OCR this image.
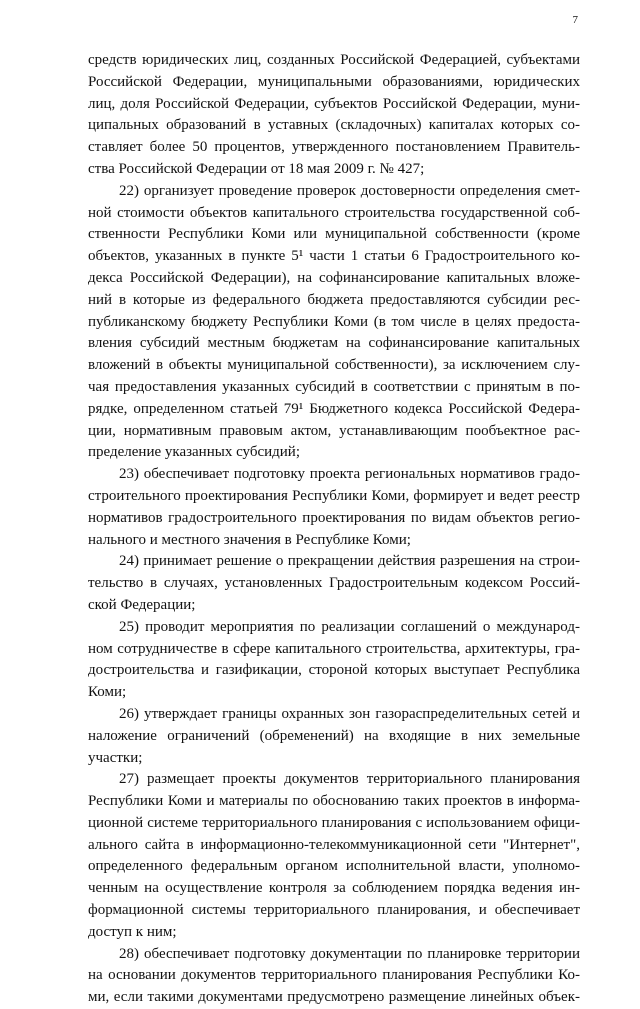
7
средств юридических лиц, созданных Российской Федерацией, субъектами
Российской Федерации, муниципальными образованиями, юридических
лиц, доля Российской Федерации, субъектов Российской Федерации, муни-
ципальных образований в уставных (складочных) капиталах которых со-
ставляет более 50 процентов, утвержденного постановлением Правитель-
ства Российской Федерации от 18 мая 2009 г. № 427;
22) организует проведение проверок достоверности определения смет-
ной стоимости объектов капитального строительства государственной соб-
ственности Республики Коми или муниципальной собственности (кроме
объектов, указанных в пункте 5¹ части 1 статьи 6 Градостроительного ко-
декса Российской Федерации), на софинансирование капитальных вложе-
ний в которые из федерального бюджета предоставляются субсидии рес-
публиканскому бюджету Республики Коми (в том числе в целях предоста-
вления субсидий местным бюджетам на софинансирование капитальных
вложений в объекты муниципальной собственности), за исключением слу-
чая предоставления указанных субсидий в соответствии с принятым в по-
рядке, определенном статьей 79¹ Бюджетного кодекса Российской Федера-
ции, нормативным правовым актом, устанавливающим пообъектное рас-
пределение указанных субсидий;
23) обеспечивает подготовку проекта региональных нормативов градо-
строительного проектирования Республики Коми, формирует и ведет реестр
нормативов градостроительного проектирования по видам объектов регио-
нального и местного значения в Республике Коми;
24) принимает решение о прекращении действия разрешения на строи-
тельство в случаях, установленных Градостроительным кодексом Россий-
ской Федерации;
25) проводит мероприятия по реализации соглашений о международ-
ном сотрудничестве в сфере капитального строительства, архитектуры, гра-
достроительства и газификации, стороной которых выступает Республика
Коми;
26) утверждает границы охранных зон газораспределительных сетей и
наложение ограничений (обременений) на входящие в них земельные
участки;
27) размещает проекты документов территориального планирования
Республики Коми и материалы по обоснованию таких проектов в информа-
ционной системе территориального планирования с использованием офици-
ального сайта в информационно-телекоммуникационной сети "Интернет",
определенного федеральным органом исполнительной власти, уполномо-
ченным на осуществление контроля за соблюдением порядка ведения ин-
формационной системы территориального планирования, и обеспечивает
доступ к ним;
28) обеспечивает подготовку документации по планировке территории
на основании документов территориального планирования Республики Ко-
ми, если такими документами предусмотрено размещение линейных объек-
